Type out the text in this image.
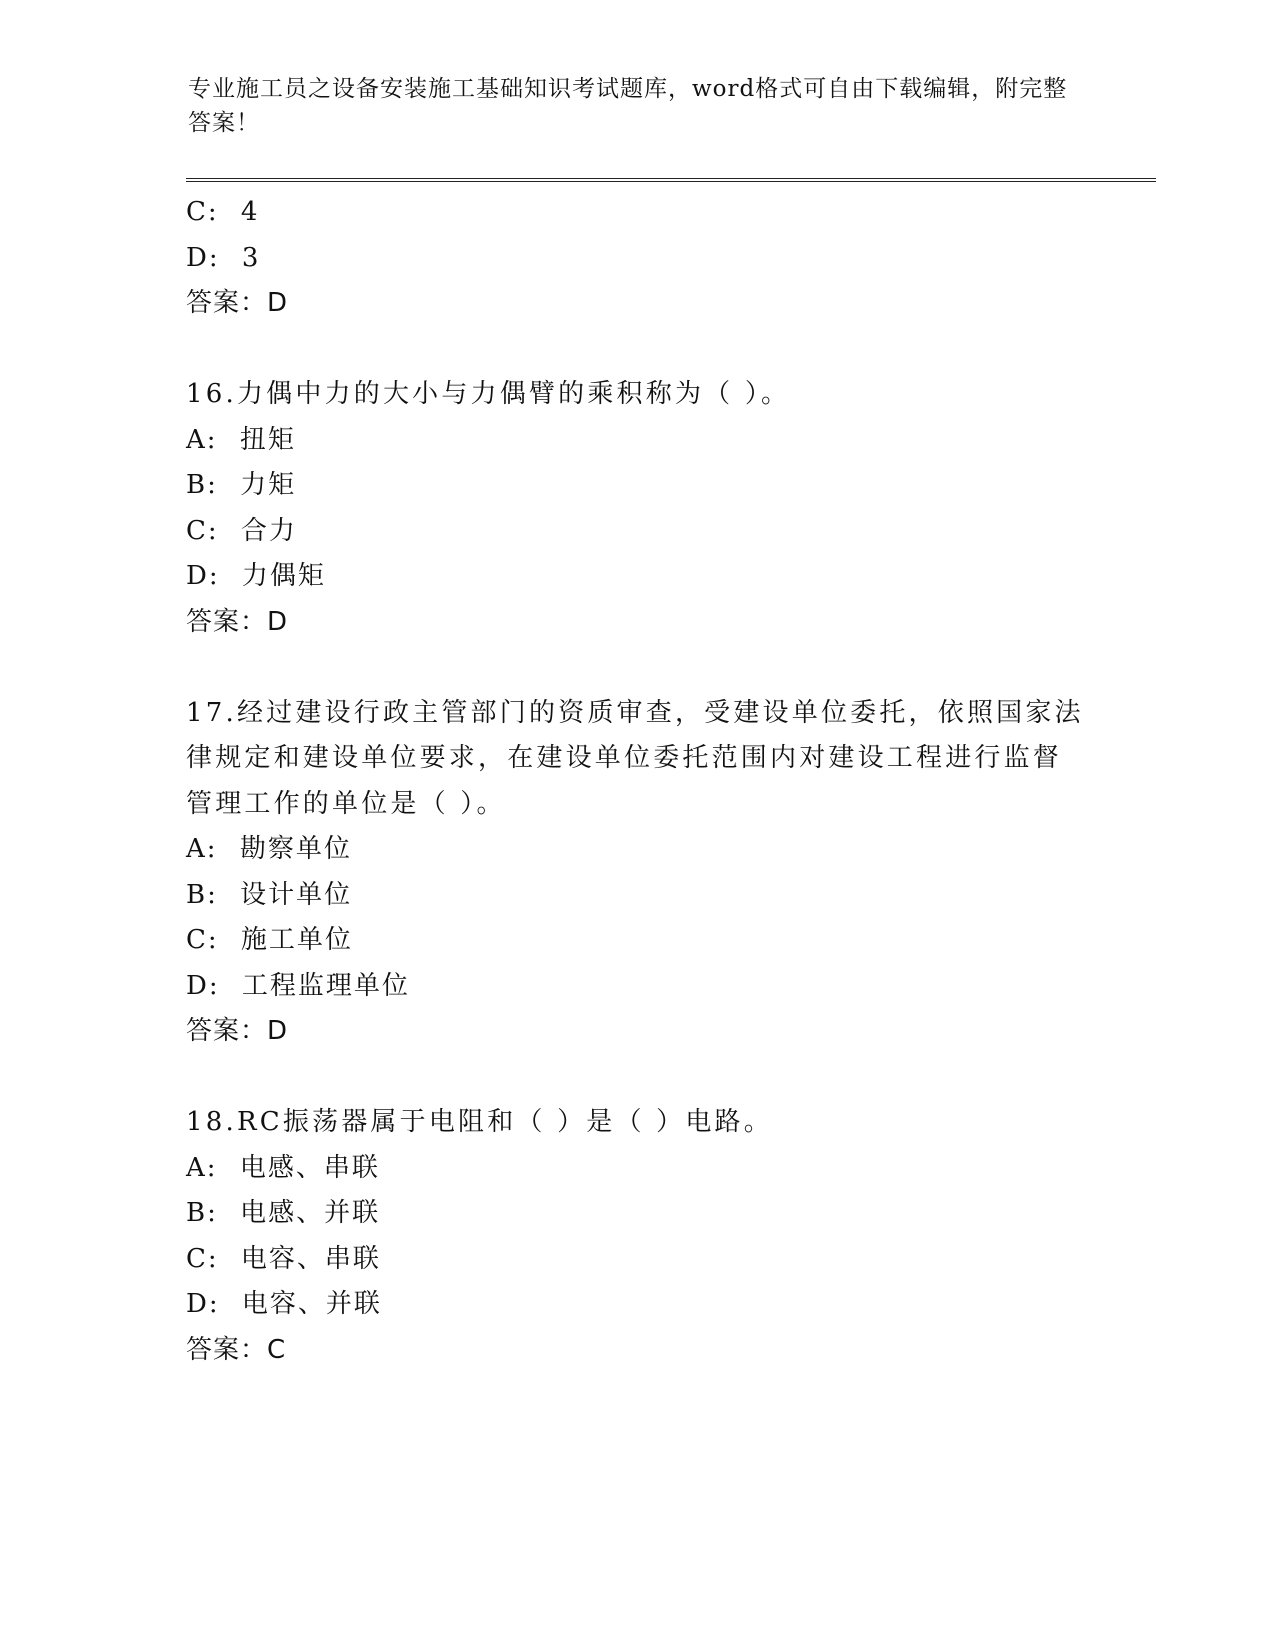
专业施工员之设备安装施工基础知识考试题库，word格式可自由下载编辑，附完整答案！
C: 4
D: 3
答案：D
16.力偶中力的大小与力偶臂的乘积称为（ ）。
A: 扭矩
B: 力矩
C: 合力
D: 力偶矩
答案：D
17.经过建设行政主管部门的资质审查，受建设单位委托，依照国家法律规定和建设单位要求，在建设单位委托范围内对建设工程进行监督管理工作的单位是（ ）。
A: 勘察单位
B: 设计单位
C: 施工单位
D: 工程监理单位
答案：D
18.RC振荡器属于电阻和（ ）是（ ）电路。
A: 电感、串联
B: 电感、并联
C: 电容、串联
D: 电容、并联
答案：C
